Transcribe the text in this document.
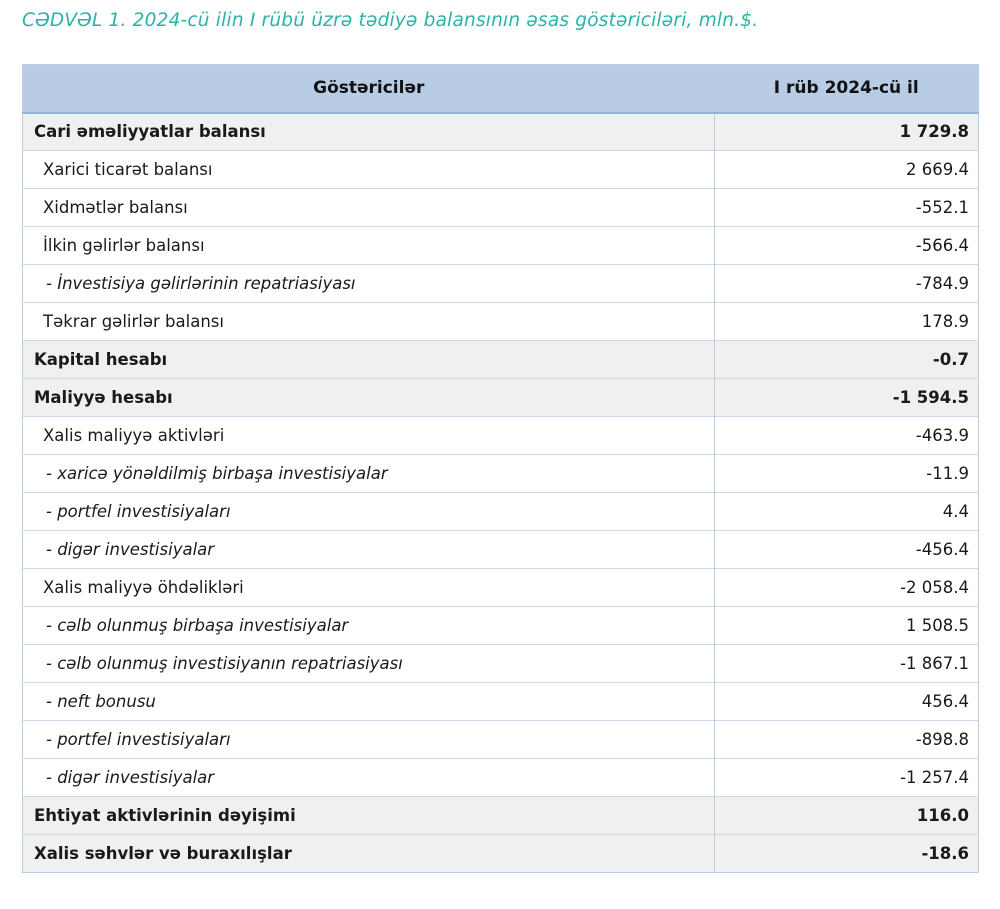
CƏDVƏL 1. 2024-cü ilin I rübü üzrə tədiyə balansının əsas göstəriciləri, mln.$.
Göstəricilər	I rüb 2024-cü il
Cari əməliyyatlar balansı	1 729.8
Xarici ticarət balansı	2 669.4
Xidmətlər balansı	-552.1
İlkin gəlirlər balansı	-566.4
- İnvestisiya gəlirlərinin repatriasiyası	-784.9
Təkrar gəlirlər balansı	178.9
Kapital hesabı	-0.7
Maliyyə hesabı	-1 594.5
Xalis maliyyə aktivləri	-463.9
- xaricə yönəldilmiş birbaşa investisiyalar	-11.9
- portfel investisiyaları	4.4
- digər investisiyalar	-456.4
Xalis maliyyə öhdəlikləri	-2 058.4
- cəlb olunmuş birbaşa investisiyalar	1 508.5
- cəlb olunmuş investisiyanın repatriasiyası	-1 867.1
- neft bonusu	456.4
- portfel investisiyaları	-898.8
- digər investisiyalar	-1 257.4
Ehtiyat aktivlərinin dəyişimi	116.0
Xalis səhvlər və buraxılışlar	-18.6
